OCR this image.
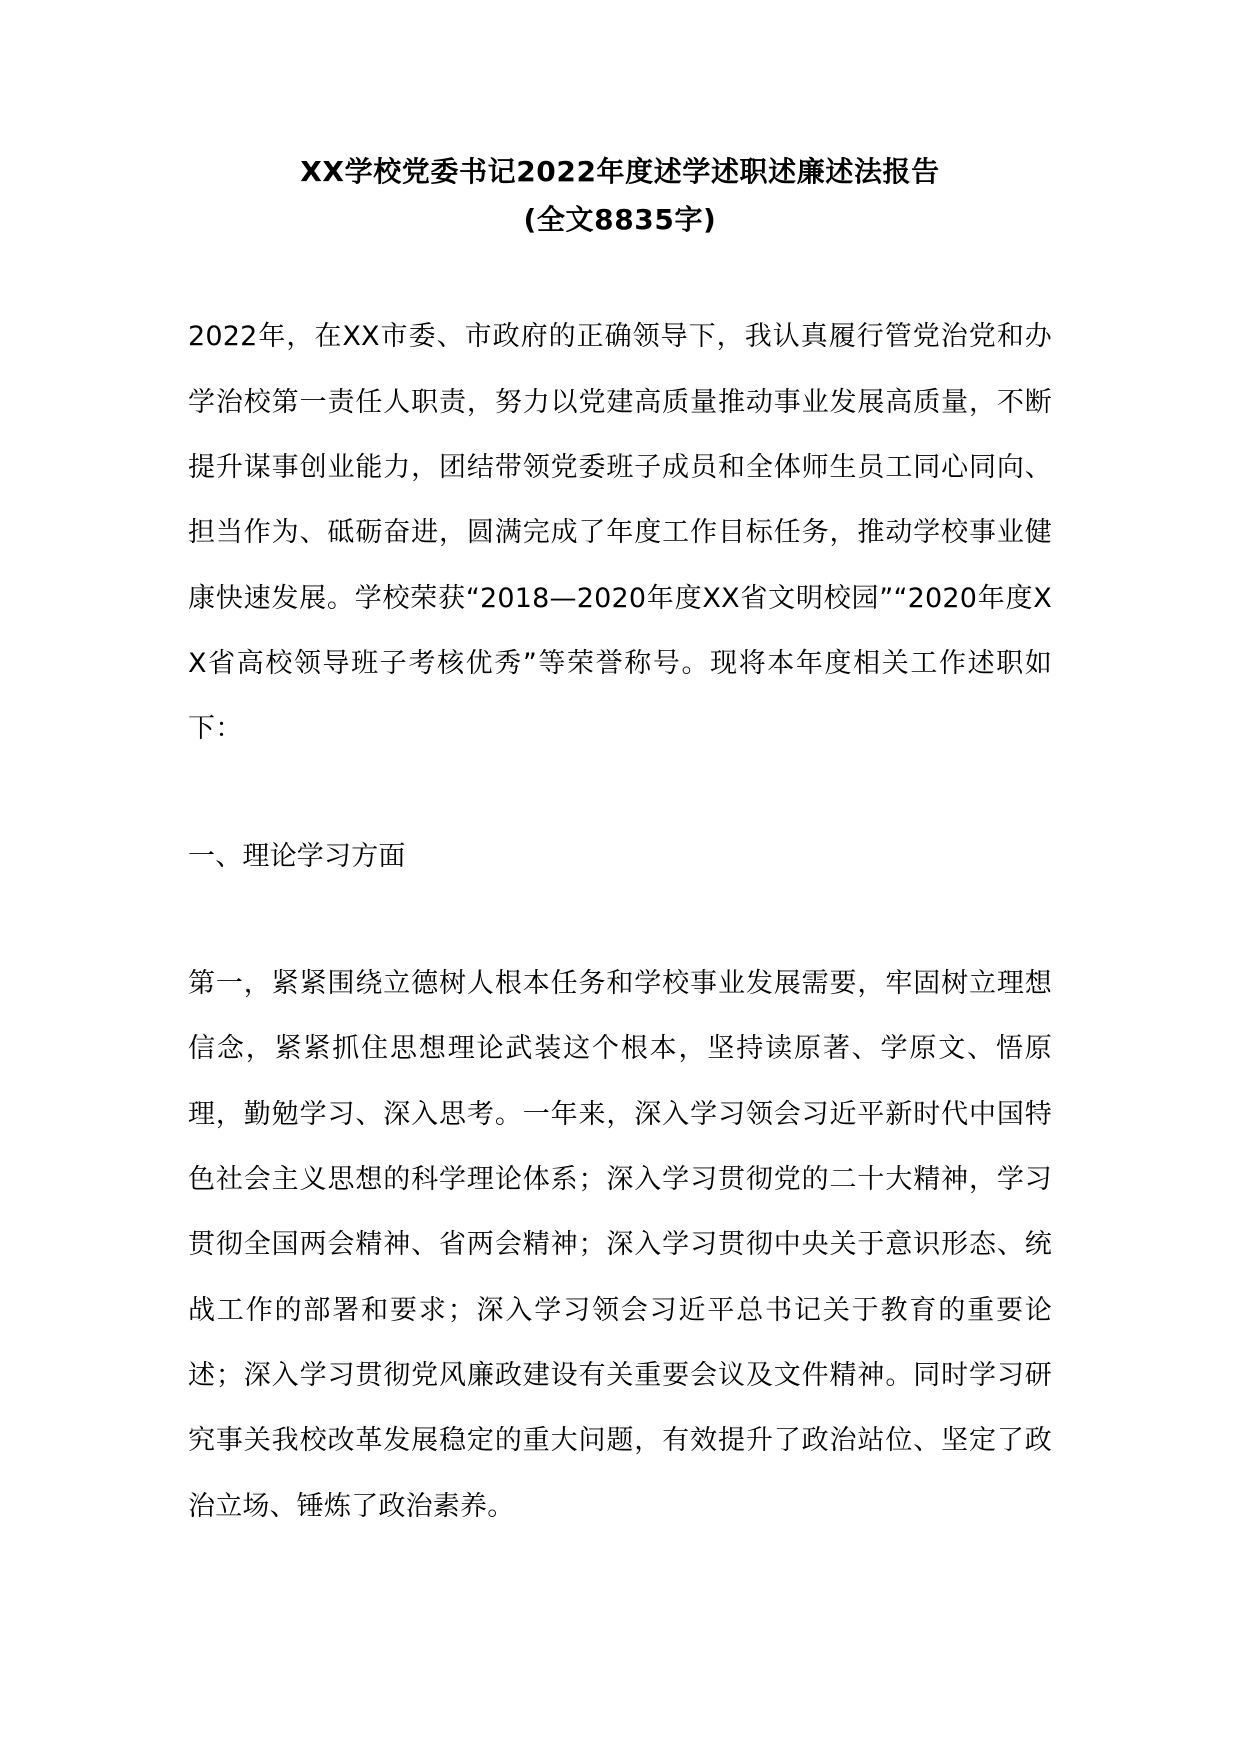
XX学校党委书记2022年度述学述职述廉述法报告
(全文8835字)

2022年，在XX市委、市政府的正确领导下，我认真履行管党治党和办学治校第一责任人职责，努力以党建高质量推动事业发展高质量，不断提升谋事创业能力，团结带领党委班子成员和全体师生员工同心同向、担当作为、砥砺奋进，圆满完成了年度工作目标任务，推动学校事业健康快速发展。学校荣获“2018—2020年度XX省文明校园”“2020年度XX省高校领导班子考核优秀”等荣誉称号。现将本年度相关工作述职如下：

一、理论学习方面

第一，紧紧围绕立德树人根本任务和学校事业发展需要，牢固树立理想信念，紧紧抓住思想理论武装这个根本，坚持读原著、学原文、悟原理，勤勉学习、深入思考。一年来，深入学习领会习近平新时代中国特色社会主义思想的科学理论体系；深入学习贯彻党的二十大精神，学习贯彻全国两会精神、省两会精神；深入学习贯彻中央关于意识形态、统战工作的部署和要求；深入学习领会习近平总书记关于教育的重要论述；深入学习贯彻党风廉政建设有关重要会议及文件精神。同时学习研究事关我校改革发展稳定的重大问题，有效提升了政治站位、坚定了政治立场、锤炼了政治素养。
